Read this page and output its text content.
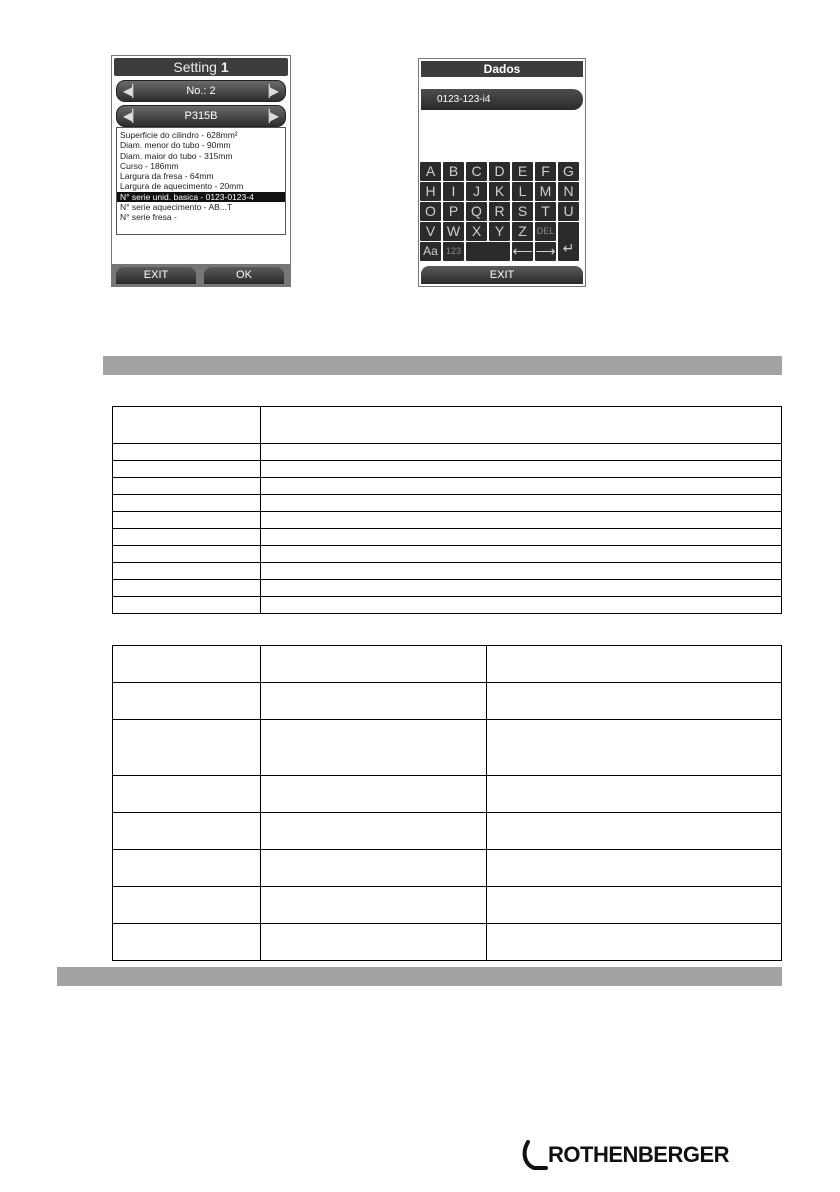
Setting 1
◀▏	No.: 2	▕▶
◀▏	P315B	▕▶
Superficie do cilindro - 628mm²
Diam. menor do tubo - 90mm
Diam. maior do tubo - 315mm
Curso - 186mm
Largura da fresa - 64mm
Largura de aquecimento - 20mm
N° serie unid. basica - 0123-0123-4
N° serie aquecimento - AB...T
N° serie fresa -
EXIT	OK
Dados
0123-123-i4
A B C D E	F G
H	I	J	K	L M N
O P Q R S	T U
V W X Y	Z	DEL
↵
Aa 123	⟵ ⟶
EXIT

ROTHENBERGER
